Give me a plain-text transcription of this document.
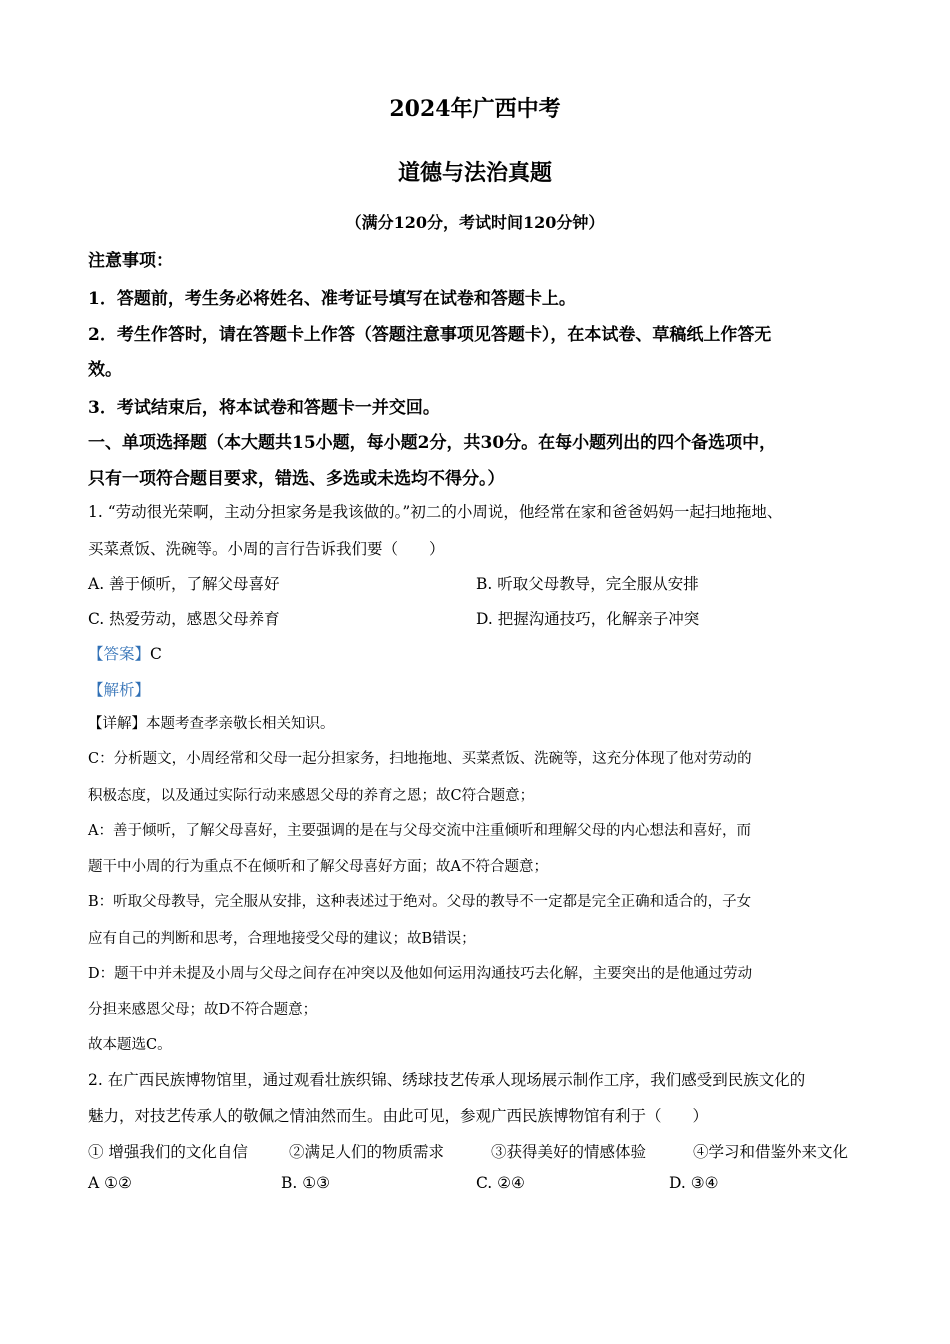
2024年广西中考
道德与法治真题
（满分120分，考试时间120分钟）
注意事项：
1．答题前，考生务必将姓名、准考证号填写在试卷和答题卡上。
2．考生作答时，请在答题卡上作答（答题注意事项见答题卡），在本试卷、草稿纸上作答无
效。
3．考试结束后，将本试卷和答题卡一并交回。
一、单项选择题（本大题共15小题，每小题2分，共30分。在每小题列出的四个备选项中，
只有一项符合题目要求，错选、多选或未选均不得分。）
1. “劳动很光荣啊，主动分担家务是我该做的。”初二的小周说，他经常在家和爸爸妈妈一起扫地拖地、
买菜煮饭、洗碗等。小周的言行告诉我们要（　　）
A. 善于倾听，了解父母喜好	B. 听取父母教导，完全服从安排
C. 热爱劳动，感恩父母养育	D. 把握沟通技巧，化解亲子冲突
【答案】C
【解析】
【详解】本题考查孝亲敬长相关知识。
C：分析题文，小周经常和父母一起分担家务，扫地拖地、买菜煮饭、洗碗等，这充分体现了他对劳动的
积极态度，以及通过实际行动来感恩父母的养育之恩；故C符合题意；
A：善于倾听，了解父母喜好，主要强调的是在与父母交流中注重倾听和理解父母的内心想法和喜好，而
题干中小周的行为重点不在倾听和了解父母喜好方面；故A不符合题意；
B：听取父母教导，完全服从安排，这种表述过于绝对。父母的教导不一定都是完全正确和适合的，子女
应有自己的判断和思考，合理地接受父母的建议；故B错误；
D：题干中并未提及小周与父母之间存在冲突以及他如何运用沟通技巧去化解，主要突出的是他通过劳动
分担来感恩父母；故D不符合题意；
故本题选C。
2. 在广西民族博物馆里，通过观看壮族织锦、绣球技艺传承人现场展示制作工序，我们感受到民族文化的
魅力，对技艺传承人的敬佩之情油然而生。由此可见，参观广西民族博物馆有利于（　　）
① 增强我们的文化自信	②满足人们的物质需求	③获得美好的情感体验	④学习和借鉴外来文化
A ①②	B. ①③	C. ②④	D. ③④
